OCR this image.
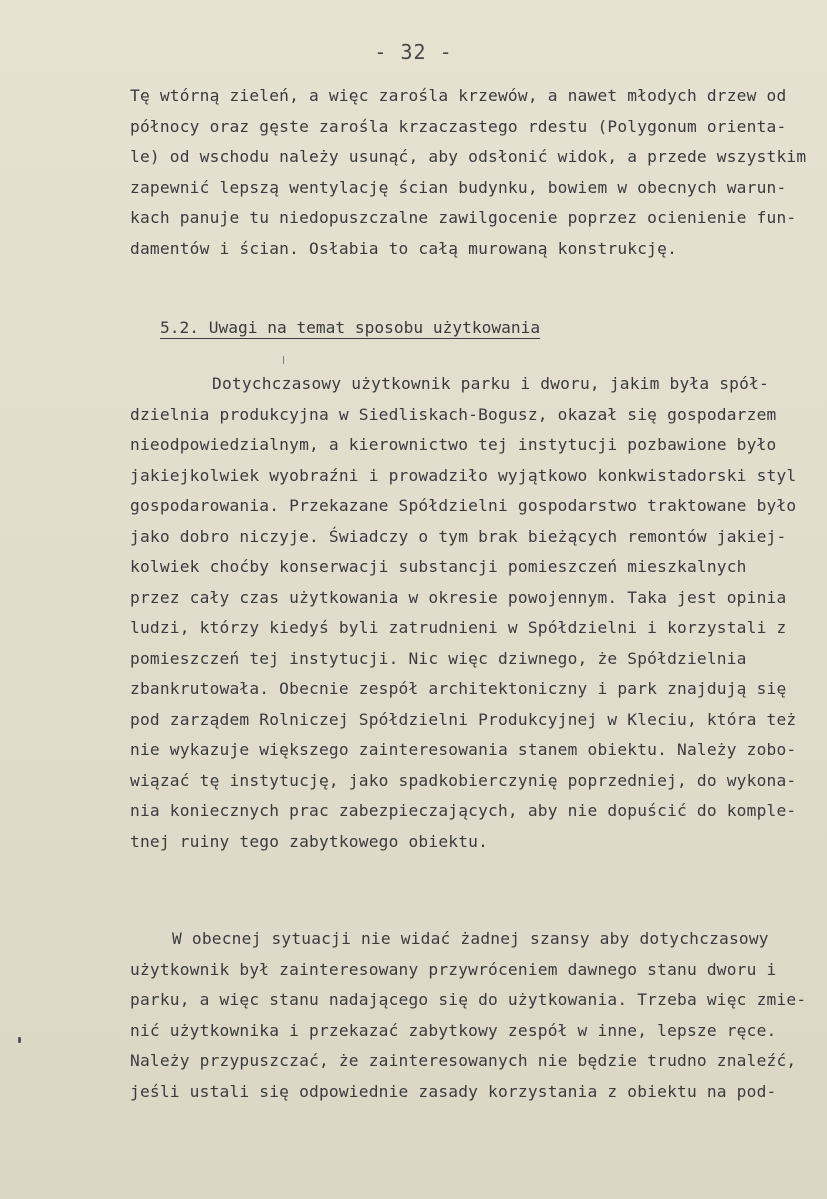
- 32 -
Tę wtórną zieleń, a więc zarośla krzewów, a nawet młodych drzew od
północy oraz gęste zarośla krzaczastego rdestu (Polygonum orienta-
le) od wschodu należy usunąć, aby odsłonić widok, a przede wszystkim
zapewnić lepszą wentylację ścian budynku, bowiem w obecnych warun-
kach panuje tu niedopuszczalne zawilgocenie poprzez ocienienie fun-
damentów i ścian. Osłabia to całą murowaną konstrukcję.
5.2. Uwagi na temat sposobu użytkowania
Dotychczasowy użytkownik parku i dworu, jakim była spół-
dzielnia produkcyjna w Siedliskach-Bogusz, okazał się gospodarzem
nieodpowiedzialnym, a kierownictwo tej instytucji pozbawione było
jakiejkolwiek wyobraźni i prowadziło wyjątkowo konkwistadorski styl
gospodarowania. Przekazane Spółdzielni gospodarstwo traktowane było
jako dobro niczyje. Świadczy o tym brak bieżących remontów jakiej-
kolwiek choćby konserwacji substancji pomieszczeń mieszkalnych
przez cały czas użytkowania w okresie powojennym. Taka jest opinia
ludzi, którzy kiedyś byli zatrudnieni w Spółdzielni i korzystali z
pomieszczeń tej instytucji. Nic więc dziwnego, że Spółdzielnia
zbankrutowała. Obecnie zespół architektoniczny i park znajdują się
pod zarządem Rolniczej Spółdzielni Produkcyjnej w Kleciu, która też
nie wykazuje większego zainteresowania stanem obiektu. Należy zobo-
wiązać tę instytucję, jako spadkobierczynię poprzedniej, do wykona-
nia koniecznych prac zabezpieczających, aby nie dopuścić do komple-
tnej ruiny tego zabytkowego obiektu.
W obecnej sytuacji nie widać żadnej szansy aby dotychczasowy
użytkownik był zainteresowany przywróceniem dawnego stanu dworu i
parku, a więc stanu nadającego się do użytkowania. Trzeba więc zmie-
nić użytkownika i przekazać zabytkowy zespół w inne, lepsze ręce.
Należy przypuszczać, że zainteresowanych nie będzie trudno znaleźć,
jeśli ustali się odpowiednie zasady korzystania z obiektu na pod-
